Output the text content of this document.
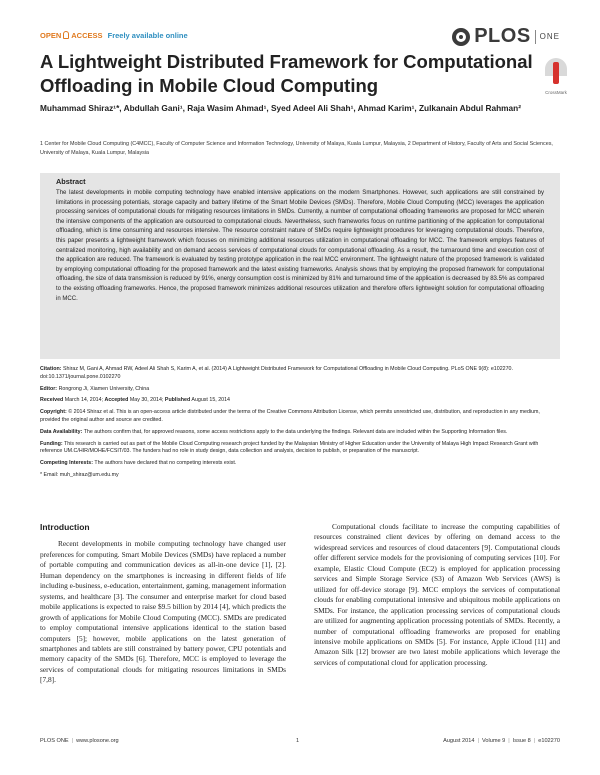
OPEN ACCESS Freely available online	PLOS ONE
A Lightweight Distributed Framework for Computational Offloading in Mobile Cloud Computing	CrossMark
Muhammad Shiraz¹*, Abdullah Gani¹, Raja Wasim Ahmad¹, Syed Adeel Ali Shah¹, Ahmad Karim¹, Zulkanain Abdul Rahman²
1 Center for Mobile Cloud Computing (C4MCC), Faculty of Computer Science and Information Technology, University of Malaya, Kuala Lumpur, Malaysia, 2 Department of History, Faculty of Arts and Social Sciences, University of Malaya, Kuala Lumpur, Malaysia
Abstract
The latest developments in mobile computing technology have enabled intensive applications on the modern Smartphones. However, such applications are still constrained by limitations in processing potentials, storage capacity and battery lifetime of the Smart Mobile Devices (SMDs). Therefore, Mobile Cloud Computing (MCC) leverages the application processing services of computational clouds for mitigating resources limitations in SMDs. Currently, a number of computational offloading frameworks are proposed for MCC wherein the intensive components of the application are outsourced to computational clouds. Nevertheless, such frameworks focus on runtime partitioning of the application for computational offloading, which is time consuming and resources intensive. The resource constraint nature of SMDs require lightweight procedures for leveraging computational clouds. Therefore, this paper presents a lightweight framework which focuses on minimizing additional resources utilization in computational offloading for MCC. The framework employs features of centralized monitoring, high availability and on demand access services of computational clouds for computational offloading. As a result, the turnaround time and execution cost of the application are reduced. The framework is evaluated by testing prototype application in the real MCC environment. The lightweight nature of the proposed framework is validated by employing computational offloading for the proposed framework and the latest existing frameworks. Analysis shows that by employing the proposed framework for computational offloading, the size of data transmission is reduced by 91%, energy consumption cost is minimized by 81% and turnaround time of the application is decreased by 83.5% as compared to the existing offloading frameworks. Hence, the proposed framework minimizes additional resources utilization and therefore offers lightweight solution for computational offloading in MCC.
Citation: Shiraz M, Gani A, Ahmad RW, Adeel Ali Shah S, Karim A, et al. (2014) A Lightweight Distributed Framework for Computational Offloading in Mobile Cloud Computing. PLoS ONE 9(8): e102270. doi:10.1371/journal.pone.0102270
Editor: Rongrong Ji, Xiamen University, China
Received March 14, 2014; Accepted May 30, 2014; Published August 15, 2014
Copyright: © 2014 Shiraz et al. This is an open-access article distributed under the terms of the Creative Commons Attribution License, which permits unrestricted use, distribution, and reproduction in any medium, provided the original author and source are credited.
Data Availability: The authors confirm that, for approved reasons, some access restrictions apply to the data underlying the findings. Relevant data are included within the Supporting Information files.
Funding: This research is carried out as part of the Mobile Cloud Computing research project funded by the Malaysian Ministry of Higher Education under the University of Malaya High Impact Research Grant with reference UM.C/HIR/MOHE/FCSIT/03. The funders had no role in study design, data collection and analysis, decision to publish, or preparation of the manuscript.
Competing Interests: The authors have declared that no competing interests exist.
* Email: muh_shiraz@um.edu.my
Introduction

Recent developments in mobile computing technology have changed user preferences for computing. Smart Mobile Devices (SMDs) have replaced a number of portable computing and communication devices as all-in-one device [1], [2]. Human dependency on the smartphones is increasing in different fields of life including e-business, e-education, entertainment, gaming, management information systems, and healthcare [3]. The consumer and enterprise market for cloud based mobile applications is expected to raise $9.5 billion by 2014 [4], which predicts the growth of applications for Mobile Cloud Computing (MCC). SMDs are predicated to employ computational intensive applications identical to the station based computers [5]; however, mobile applications on the latest generation of smartphones and tablets are still constrained by battery power, CPU potentials and memory capacity of the SMDs [6]. Therefore, MCC is employed to leverage the services of computational clouds for mitigating resources limitations in SMDs [7,8].

Computational clouds facilitate to increase the computing capabilities of resources constrained client devices by offering on demand access to the widespread services and resources of cloud datacenters [9]. Computational clouds offer different service models for the provisioning of computing services [10]. For example, Elastic Cloud Compute (EC2) is employed for application processing services and Simple Storage Service (S3) of Amazon Web Services (AWS) is utilized for off-device storage [9]. MCC employs the services of computational clouds for enabling computational intensive and ubiquitous mobile applications on SMDs. For instance, the application processing services of computational clouds are utilized for augmenting application processing potentials of SMDs. Recently, a number of computational offloading frameworks are proposed for enabling intensive mobile applications on SMDs [5]. For instance, Apple iCloud [11] and Amazon Silk [12] browser are two latest mobile applications which leverage the services of computational cloud for application processing.

PLOS ONE | www.plosone.org	1	August 2014 | Volume 9 | Issue 8 | e102270
